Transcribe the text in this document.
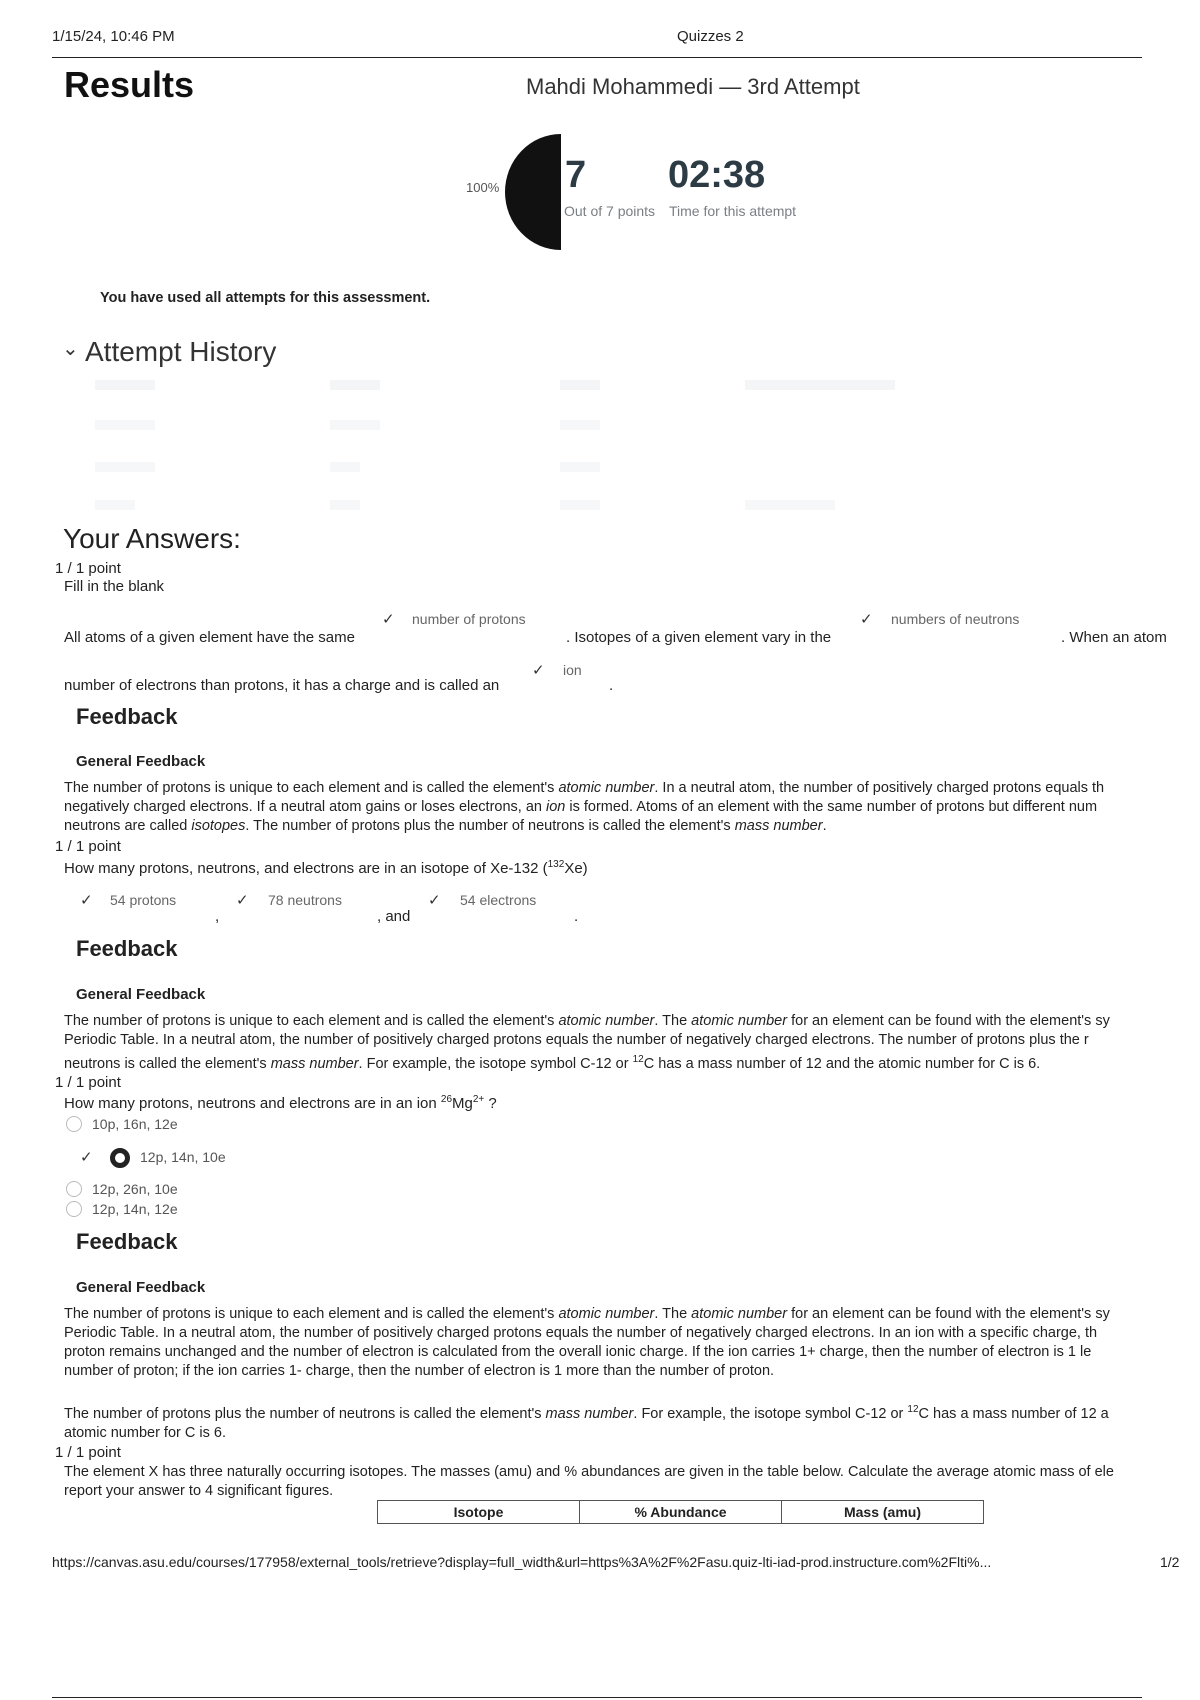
1/15/24, 10:46 PM	Quizzes 2
Results	Mahdi Mohammedi — 3rd Attempt
100% 7 02:38
Out of 7 points Time for this attempt
You have used all attempts for this assessment.
⌄ Attempt History
Your Answers:
1 / 1 point
Fill in the blank
✓ number of protons	✓ numbers of neutrons
All atoms of a given element have the same	. Isotopes of a given element vary in the	. When an atom
✓ ion
number of electrons than protons, it has a charge and is called an	.
Feedback
General Feedback
The number of protons is unique to each element and is called the element's atomic number. In a neutral atom, the number of positively charged protons equals th
negatively charged electrons. If a neutral atom gains or loses electrons, an ion is formed. Atoms of an element with the same number of protons but different num
neutrons are called isotopes. The number of protons plus the number of neutrons is called the element's mass number.
1 / 1 point
How many protons, neutrons, and electrons are in an isotope of Xe-132 ($^{132}$Xe)
✓ 54 protons	✓ 78 neutrons	✓ 54 electrons
,	, and	.
Feedback
General Feedback
The number of protons is unique to each element and is called the element's atomic number. The atomic number for an element can be found with the element's sy
Periodic Table. In a neutral atom, the number of positively charged protons equals the number of negatively charged electrons. The number of protons plus the r
neutrons is called the element's mass number. For example, the isotope symbol C-12 or $^{12}$C has a mass number of 12 and the atomic number for C is 6.
1 / 1 point
How many protons, neutrons and electrons are in an ion $^{26}Mg^{2+}$ ?
10p, 16n, 12e
✓	12p, 14n, 10e
12p, 26n, 10e
12p, 14n, 12e
Feedback
General Feedback
The number of protons is unique to each element and is called the element's atomic number. The atomic number for an element can be found with the element's sy
Periodic Table. In a neutral atom, the number of positively charged protons equals the number of negatively charged electrons. In an ion with a specific charge, th
proton remains unchanged and the number of electron is calculated from the overall ionic charge. If the ion carries 1+ charge, then the number of electron is 1 le
number of proton; if the ion carries 1- charge, then the number of electron is 1 more than the number of proton.
The number of protons plus the number of neutrons is called the element's mass number. For example, the isotope symbol C-12 or $^{12}$C has a mass number of 12 a
atomic number for C is 6.
1 / 1 point
The element X has three naturally occurring isotopes. The masses (amu) and % abundances are given in the table below. Calculate the average atomic mass of ele
report your answer to 4 significant figures.
Isotope	% Abundance	Mass (amu)
https://canvas.asu.edu/courses/177958/external_tools/retrieve?display=full_width&url=https%3A%2F%2Fasu.quiz-lti-iad-prod.instructure.com%2Flti%...	1/2
